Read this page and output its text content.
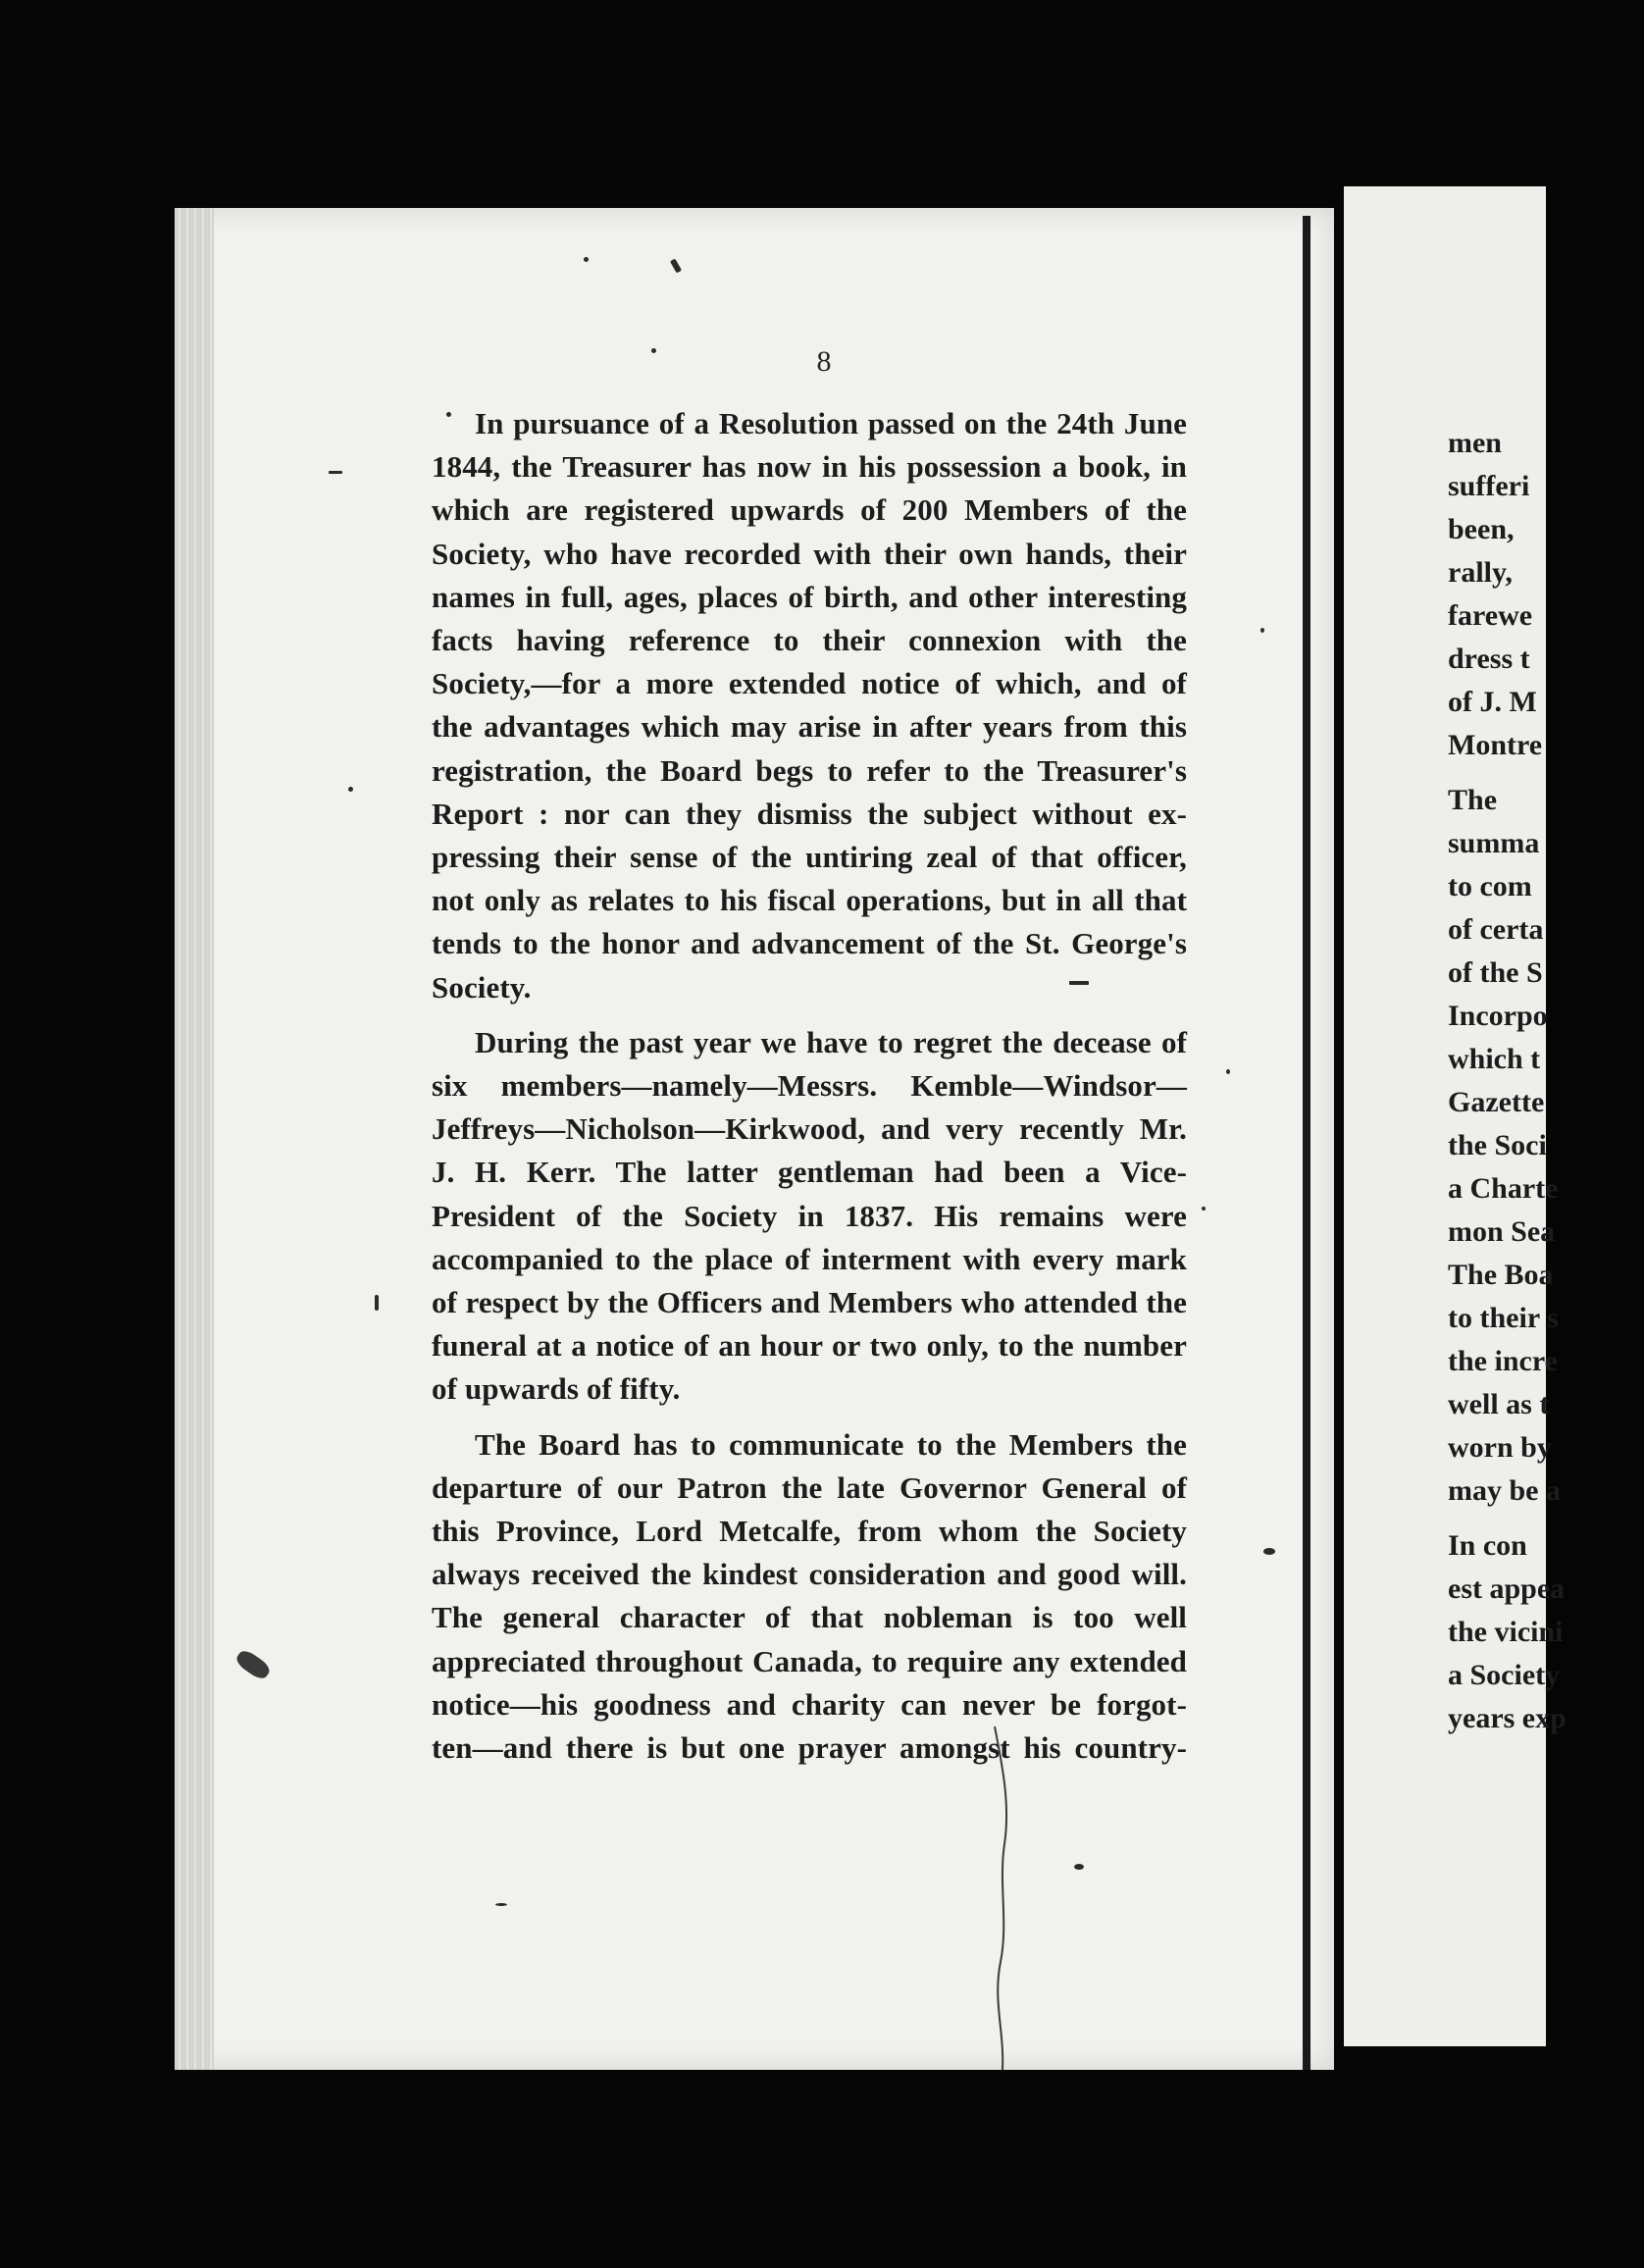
8
In pursuance of a Resolution passed on the 24th June
1844, the Treasurer has now in his possession a book, in
which are registered upwards of 200 Members of the
Society, who have recorded with their own hands, their
names in full, ages, places of birth, and other interesting
facts having reference to their connexion with the
Society,—for a more extended notice of which, and of
the advantages which may arise in after years from this
registration, the Board begs to refer to the Treasurer's
Report : nor can they dismiss the subject without ex-
pressing their sense of the untiring zeal of that officer,
not only as relates to his fiscal operations, but in all that
tends to the honor and advancement of the St. George's
Society.
During the past year we have to regret the decease of
six members—namely—Messrs. Kemble—Windsor—
Jeffreys—Nicholson—Kirkwood, and very recently Mr.
J. H. Kerr. The latter gentleman had been a Vice-
President of the Society in 1837. His remains were
accompanied to the place of interment with every mark
of respect by the Officers and Members who attended the
funeral at a notice of an hour or two only, to the number
of upwards of fifty.
The Board has to communicate to the Members the
departure of our Patron the late Governor General of
this Province, Lord Metcalfe, from whom the Society
always received the kindest consideration and good will.
The general character of that nobleman is too well
appreciated throughout Canada, to require any extended
notice—his goodness and charity can never be forgot-
ten—and there is but one prayer amongst his country-
men
sufferi
been,
rally,
farewe
dress t
of J. M
Montre
The
summa
to com
of certa
of the S
Incorpo
which t
Gazette
the Soci
a Charte
mon Sea
The Boa
to their s
the incre
well as t
worn by
may be a
In con
est appea
the vicini
a Society
years exp
